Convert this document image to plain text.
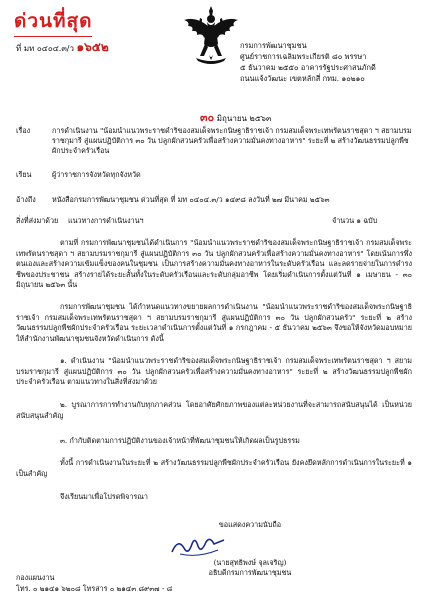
ด่วนที่สุด
ที่ มท ๐๔๐๔.๓/ว ๑๖๕๒	กรมการพัฒนาชุมชน
ศูนย์ราชการเฉลิมพระเกียรติ ๘๐ พรรษา
๕ ธันวาคม ๒๕๕๐ อาคารรัฐประศาสนภักดี
ถนนแจ้งวัฒนะ เขตหลักสี่ กทม. ๑๐๒๑๐
๓๐ มิถุนายน ๒๕๖๓
เรื่อง	การดำเนินงาน "น้อมนำแนวพระราชดำริของสมเด็จพระกนิษฐาธิราชเจ้า กรมสมเด็จพระเทพรัตนราชสุดา ฯ สยามบรมราชกุมารี สู่แผนปฏิบัติการ ๓๐ วัน ปลูกผักสวนครัวเพื่อสร้างความมั่นคงทางอาหาร" ระยะที่ ๒ สร้างวัฒนธรรมปลูกพืชผักประจำครัวเรือน
เรียน	ผู้ว่าราชการจังหวัดทุกจังหวัด
อ้างถึง	หนังสือกรมการพัฒนาชุมชน ด่วนที่สุด ที่ มท ๐๔๐๔.๓/ว ๑๔๙๘ ลงวันที่ ๒๗ มีนาคม ๒๕๖๓
สิ่งที่ส่งมาด้วย	แนวทางการดำเนินงานฯ	จำนวน ๑ ฉบับ
ตามที่ กรมการพัฒนาชุมชนได้ดำเนินการ "น้อมนำแนวพระราชดำริของสมเด็จพระกนิษฐาธิราชเจ้า กรมสมเด็จพระเทพรัตนราชสุดา ฯ สยามบรมราชกุมารี สู่แผนปฏิบัติการ ๓๐ วัน ปลูกผักสวนครัวเพื่อสร้างความมั่นคงทางอาหาร" โดยเน้นการพึ่งตนเองและสร้างความเข้มแข็งของคนในชุมชน เป็นการสร้างความมั่นคงทางอาหารในระดับครัวเรือน และลดรายจ่ายในการดำรงชีพของประชาชน สร้างรายได้ระยะสั้นทั้งในระดับครัวเรือนและระดับกลุ่มอาชีพ โดยเริ่มดำเนินการตั้งแต่วันที่ ๑ เมษายน - ๓๐ มิถุนายน ๒๕๖๓ นั้น
กรมการพัฒนาชุมชน ได้กำหนดแนวทางขยายผลการดำเนินงาน "น้อมนำแนวพระราชดำริของสมเด็จพระกนิษฐาธิราชเจ้า กรมสมเด็จพระเทพรัตนราชสุดา ฯ สยามบรมราชกุมารี สู่แผนปฏิบัติการ ๓๐ วัน ปลูกผักสวนครัว" ระยะที่ ๒ สร้างวัฒนธรรมปลูกพืชผักประจำครัวเรือน ระยะเวลาดำเนินการตั้งแต่วันที่ ๑ กรกฎาคม - ๕ ธันวาคม ๒๕๖๓ จึงขอให้จังหวัดมอบหมายให้สำนักงานพัฒนาชุมชนจังหวัดดำเนินการ ดังนี้
๑. ดำเนินงาน "น้อมนำแนวพระราชดำริของสมเด็จพระกนิษฐาธิราชเจ้า กรมสมเด็จพระเทพรัตนราชสุดา ฯ สยามบรมราชกุมารี สู่แผนปฏิบัติการ ๓๐ วัน ปลูกผักสวนครัวเพื่อสร้างความมั่นคงทางอาหาร" ระยะที่ ๒ สร้างวัฒนธรรมปลูกพืชผักประจำครัวเรือน ตามแนวทางในสิ่งที่ส่งมาด้วย
๒. บูรณาการการทำงานกับทุกภาคส่วน โดยอาศัยศักยภาพของแต่ละหน่วยงานที่จะสามารถสนับสนุนได้ เป็นหน่วยสนับสนุนสำคัญ
๓. กำกับติดตามการปฏิบัติงานของเจ้าหน้าที่พัฒนาชุมชนให้เกิดผลเป็นรูปธรรม
ทั้งนี้ การดำเนินงานในระยะที่ ๒ สร้างวัฒนธรรมปลูกพืชผักประจำครัวเรือน ยังคงยึดหลักการดำเนินการในระยะที่ ๑ เป็นสำคัญ
จึงเรียนมาเพื่อโปรดพิจารณา
ขอแสดงความนับถือ
(นายสุทธิพงษ์ จุลเจริญ)
อธิบดีกรมการพัฒนาชุมชน
กองแผนงาน
โทร. ๐ ๒๑๔๑ ๖๒๐๘ โทรสาร ๐ ๒๑๔๓ ๘๙๓๗ - ๘
